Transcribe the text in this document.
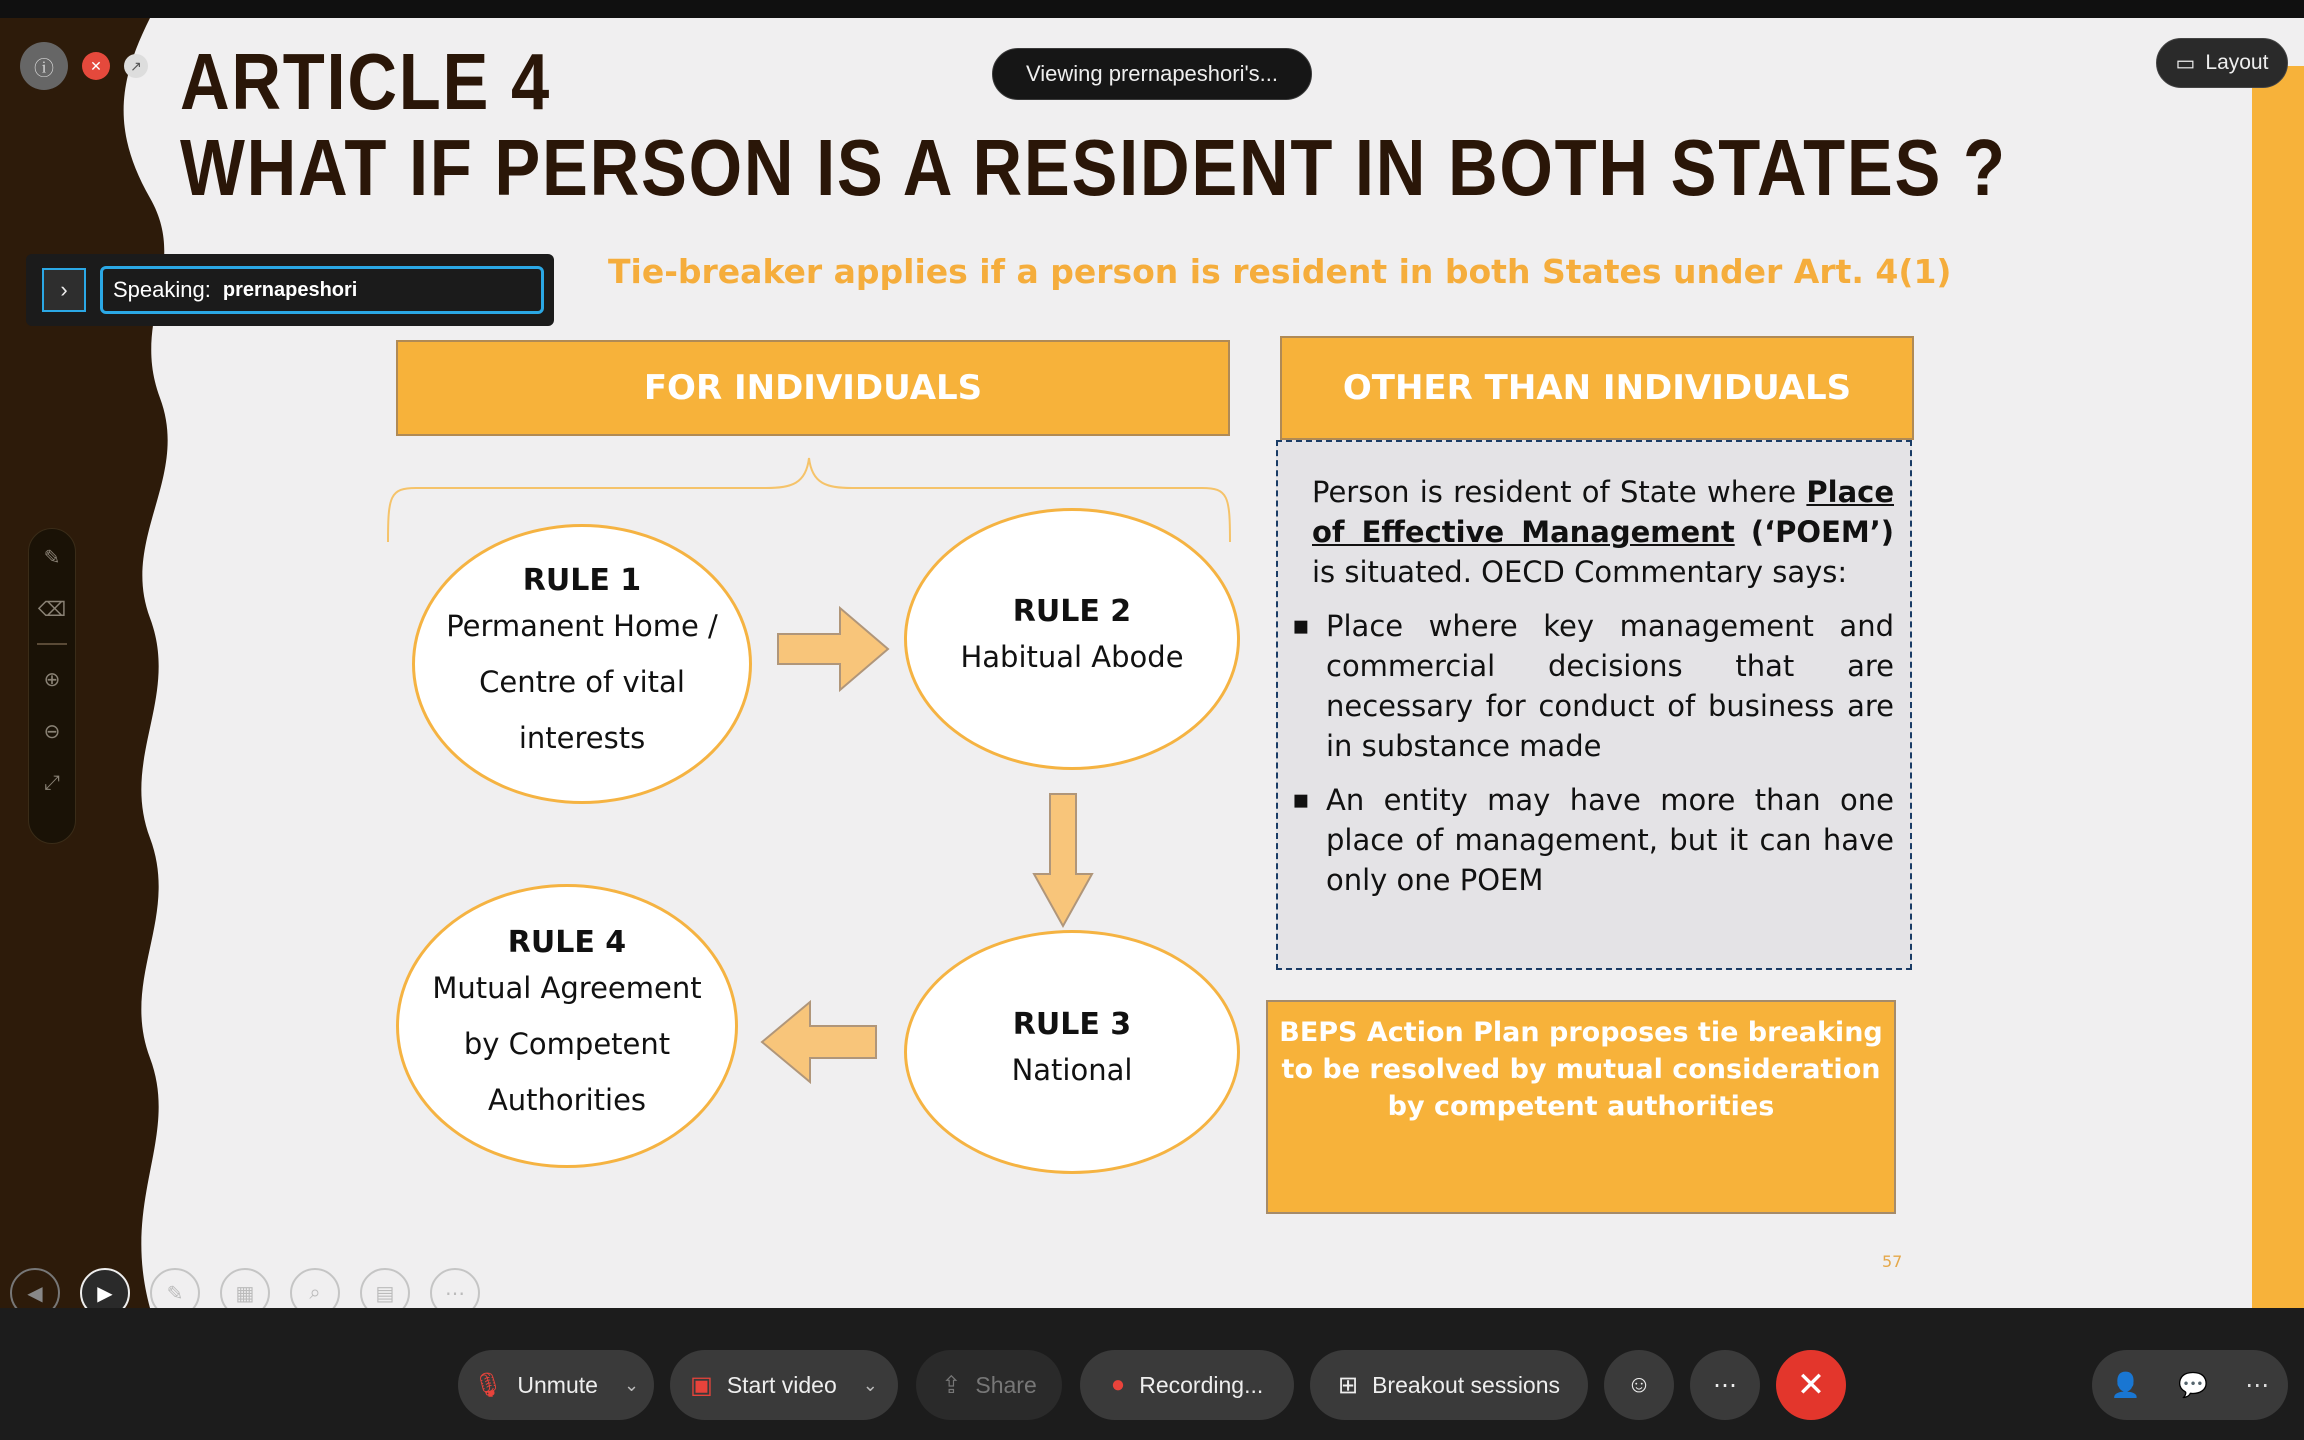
ARTICLE 4
WHAT IF PERSON IS A RESIDENT IN BOTH STATES ?
Tie-breaker applies if a person is resident in both States under Art. 4(1)
FOR INDIVIDUALS	OTHER THAN INDIVIDUALS
RULE 1
Permanent Home /
Centre of vital
interests
RULE 2
Habitual Abode
RULE 3
National
RULE 4
Mutual Agreement
by Competent
Authorities

Person is resident of State where Place of Effective Management (‘POEM’) is situated. OECD Commentary says:

▪ Place where key management and commercial decisions that are necessary for conduct of business are in substance made
▪ An entity may have more than one place of management, but it can have only one POEM
BEPS Action Plan proposes tie breaking to be resolved by mutual consideration by competent authorities
57
ⓘ	✕	↗	Viewing prernapeshori's...	▭ Layout
›	Speaking: prernapeshori
✎
⌫
⊕
⊖
⤢
◀	▶	✎	▦	⌕	▤	⋯
🎙 Unmute ⌄ ▣ Start video ⌄	⇪ Share	● Recording...	⊞ Breakout sessions	☺	⋯ ✕	👤 💬 ⋯
